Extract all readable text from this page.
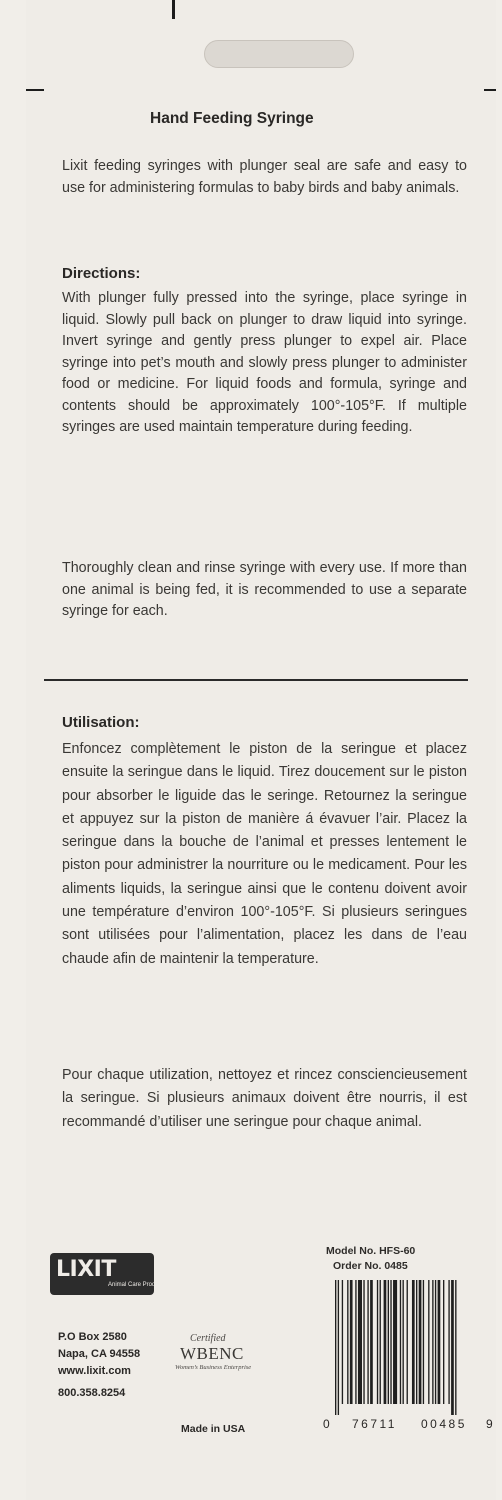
Hand Feeding Syringe
Lixit feeding syringes with plunger seal are safe and easy to use for administering formulas to baby birds and baby animals.
Directions:
With plunger fully pressed into the syringe, place syringe in liquid. Slowly pull back on plunger to draw liquid into syringe. Invert syringe and gently press plunger to expel air. Place syringe into pet’s mouth and slowly press plunger to administer food or medicine. For liquid foods and formula, syringe and contents should be approximately 100°-105°F. If multiple syringes are used maintain temperature during feeding.
Thoroughly clean and rinse syringe with every use. If more than one animal is being fed, it is recommended to use a separate syringe for each.
Utilisation:
Enfoncez complètement le piston de la seringue et placez ensuite la seringue dans le liquid. Tirez doucement sur le piston pour absorber le liguide das le seringe. Retournez la seringue et appuyez sur la piston de manière á évavuer l’air. Placez la seringue dans la bouche de l’animal et presses lentement le piston pour administrer la nourriture ou le medicament. Pour les aliments liquids, la seringue ainsi que le contenu doivent avoir une température d’environ 100°-105°F. Si plusieurs seringues sont utilisées pour l’alimentation, placez les dans de l’eau chaude afin de maintenir la temperature.
Pour chaque utilization, nettoyez et rincez consciencieusement la seringue. Si plusieurs animaux doivent être nourris, il est recommandé d’utiliser une seringue pour chaque animal.
Model No. HFS-60
Order No. 0485
LIXIT
Animal Care Products
P.O Box 2580
Napa, CA 94558
www.lixit.com
800.358.8254
Certified
WBENC
Women’s Business Enterprise
Made in USA	0 76711 00485 9
